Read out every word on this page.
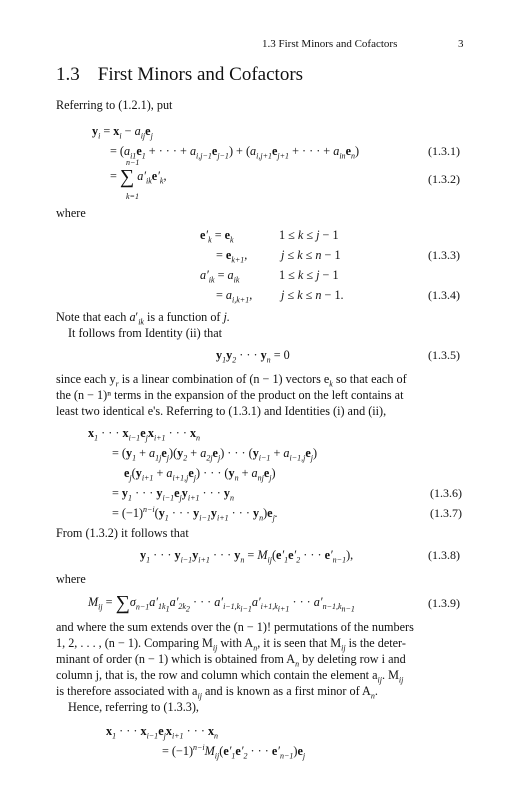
1.3 First Minors and Cofactors	3
1.3 First Minors and Cofactors
Referring to (1.2.1), put
$y_i = x_i - a_{ij}e_j$
= ($a_{i1}e_1$ + · · · + $a_{i,j-1}e_{j-1}) + (a_{i,j+1}e_{j+1}$ + · · · + $a_{in}e_n$)	(1.3.1)
n−1
= ∑ $a'_{ik}e'_k$,
k=1
(1.3.2)
where
$e'_k = e_k$	1 ≤ k ≤ j − 1
= $e_{k+1}$,	j ≤ k ≤ n − 1	(1.3.3)
$a'_{ik} = a_{ik}$	1 ≤ k ≤ j − 1
= $a_{i,k+1}$, j ≤ k ≤ n − 1.	(1.3.4)
Note that each $a'_{ik}$ is a function of j.
It follows from Identity (ii) that
$y_1y_2$ · · · $y_n = 0$	(1.3.5)
since each $y_r$ is a linear combination of (n − 1) vectors $e_k$ so that each of
the (n − 1)ⁿ terms in the expansion of the product on the left contains at
least two identical e's. Referring to (1.3.1) and Identities (i) and (ii),
$x_1$ · · · $x_{i-1}e_jx_{i+1}$ · · · $x_n$
= $(y_1 + a_{1j}e_j)(y_2 + a_{2j}e_j)$ · · · $(y_{i-1} + a_{i-1,j}e_j)$
$e_j(y_{i+1} + a_{i+1,j}e_j)$ · · · $(y_n + a_{nj}e_j)$
= $y_1$ · · · $y_{i-1}e_jy_{i+1}$ · · · $y_n$	(1.3.6)
= $(-1)^{n-i}(y_1$ · · · $y_{i-1}y_{i+1}$ · · · $y_n)e_j$.	(1.3.7)
From (1.3.2) it follows that
$y_1$ · · · $y_{i-1}y_{i+1}$ · · · $y_n = M_{ij}(e'_1e'_2$ · · · $e'_{n-1}$),	(1.3.8)
where
$M_{ij} = \sum\sigma_{n-1}a'_{1k_1}a'_{2k_2}$ · · · $a'_{i-1,k_{i-1}}a'_{i+1,k_{i+1}}$ · · · $a'_{n-1,k_{n-1}}$	(1.3.9)
and where the sum extends over the (n − 1)! permutations of the numbers
1, 2, . . . , (n − 1). Comparing $M_{ij}$ with $A_n$, it is seen that $M_{ij}$ is the deter-
minant of order (n − 1) which is obtained from $A_n$ by deleting row i and
column j, that is, the row and column which contain the element $a_{ij}$. $M_{ij}$
is therefore associated with $a_{ij}$ and is known as a first minor of $A_n$.
Hence, referring to (1.3.3),
$x_1$ · · · $x_{i-1}e_jx_{i+1}$ · · · $x_n$
= $(-1)^{n-i}M_{ij}(e'_1e'_2$ · · · $e'_{n-1})e_j$
